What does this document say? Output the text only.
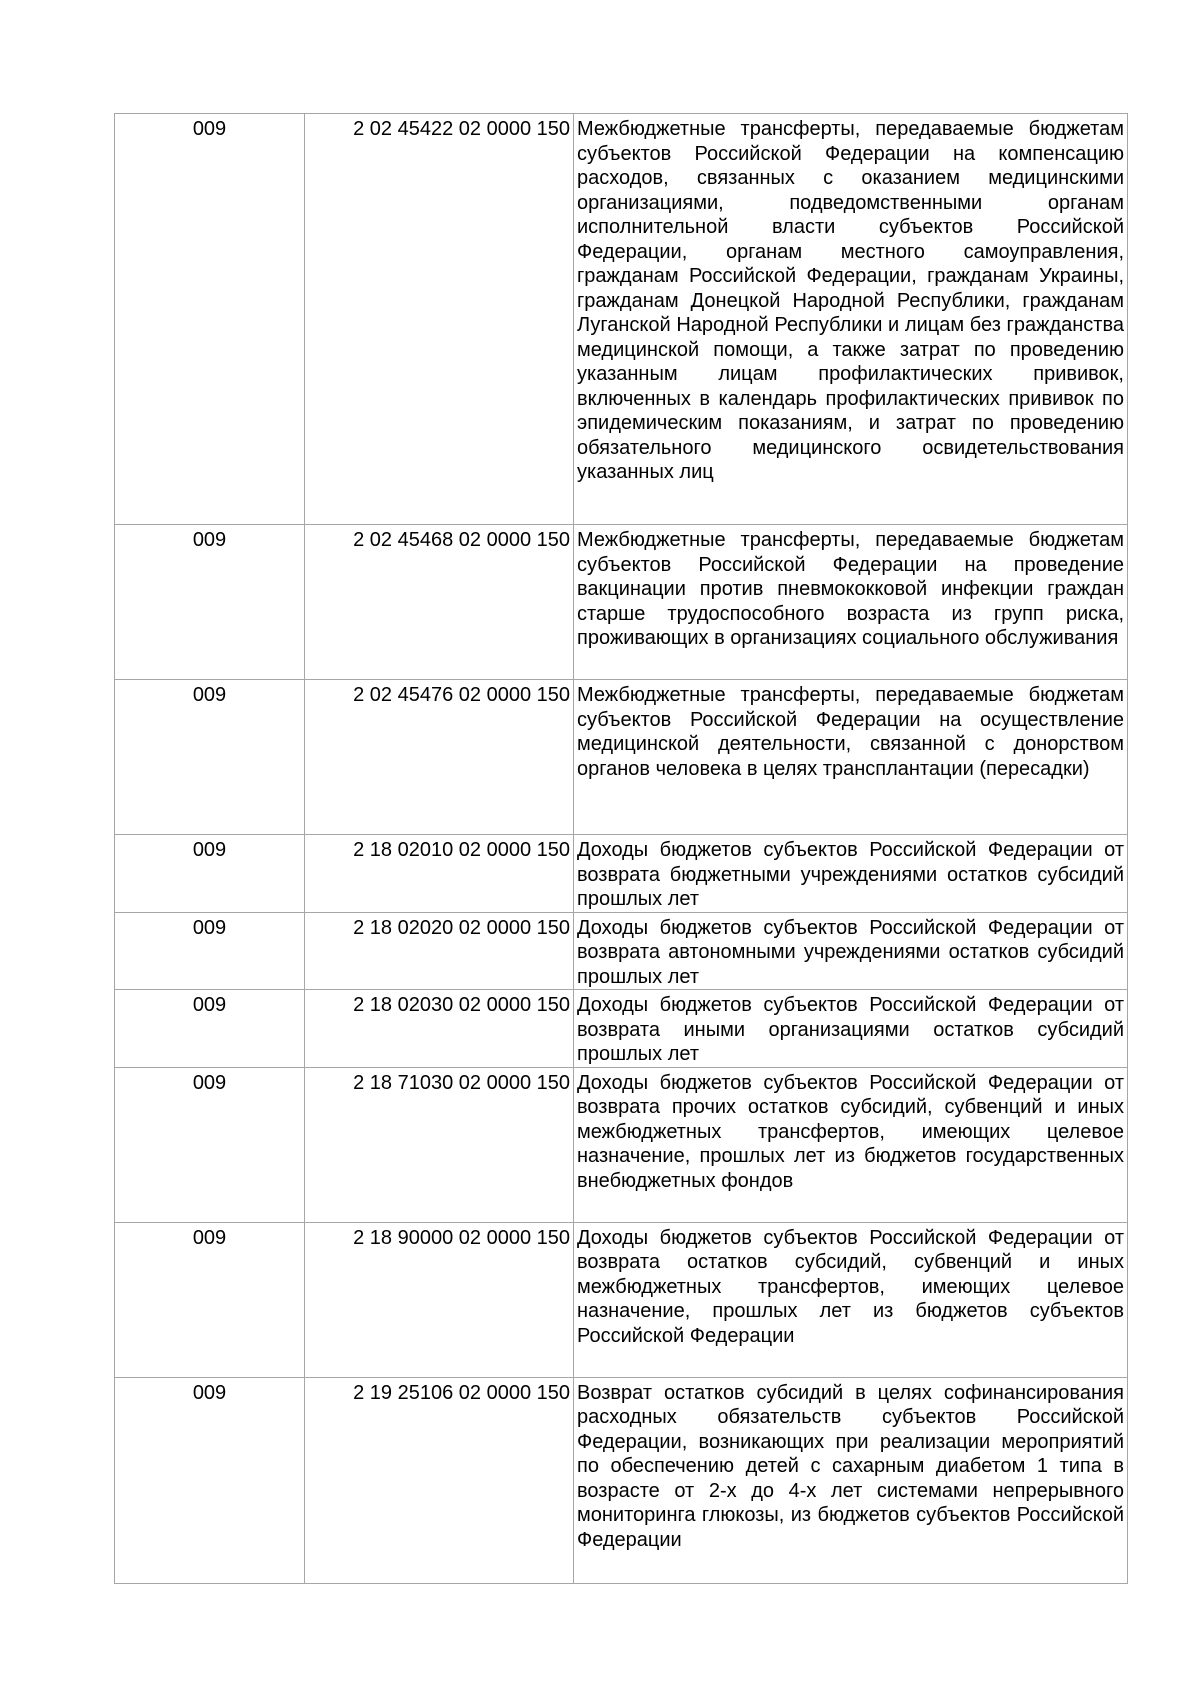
009	2 02 45422 02 0000 150	Межбюджетные трансферты, передаваемые бюджетам субъектов Российской Федерации на компенсацию расходов, связанных с оказанием медицинскими организациями, подведомственными органам исполнительной власти субъектов Российской Федерации, органам местного самоуправления, гражданам Российской Федерации, гражданам Украины, гражданам Донецкой Народной Республики, гражданам Луганской Народной Республики и лицам без гражданства медицинской помощи, а также затрат по проведению указанным лицам профилактических прививок, включенных в календарь профилактических прививок по эпидемическим показаниям, и затрат по проведению обязательного медицинского освидетельствования указанных лиц
009	2 02 45468 02 0000 150	Межбюджетные трансферты, передаваемые бюджетам субъектов Российской Федерации на проведение вакцинации против пневмококковой инфекции граждан старше трудоспособного возраста из групп риска, проживающих в организациях социального обслуживания
009	2 02 45476 02 0000 150	Межбюджетные трансферты, передаваемые бюджетам субъектов Российской Федерации на осуществление медицинской деятельности, связанной с донорством органов человека в целях трансплантации (пересадки)
009	2 18 02010 02 0000 150	Доходы бюджетов субъектов Российской Федерации от возврата бюджетными учреждениями остатков субсидий прошлых лет
009	2 18 02020 02 0000 150	Доходы бюджетов субъектов Российской Федерации от возврата автономными учреждениями остатков субсидий прошлых лет
009	2 18 02030 02 0000 150	Доходы бюджетов субъектов Российской Федерации от возврата иными организациями остатков субсидий прошлых лет
009	2 18 71030 02 0000 150	Доходы бюджетов субъектов Российской Федерации от возврата прочих остатков субсидий, субвенций и иных межбюджетных трансфертов, имеющих целевое назначение, прошлых лет из бюджетов государственных внебюджетных фондов
009	2 18 90000 02 0000 150	Доходы бюджетов субъектов Российской Федерации от возврата остатков субсидий, субвенций и иных межбюджетных трансфертов, имеющих целевое назначение, прошлых лет из бюджетов субъектов Российской Федерации
009	2 19 25106 02 0000 150	Возврат остатков субсидий в целях софинансирования расходных обязательств субъектов Российской Федерации, возникающих при реализации мероприятий по обеспечению детей с сахарным диабетом 1 типа в возрасте от 2-х до 4-х лет системами непрерывного мониторинга глюкозы, из бюджетов субъектов Российской Федерации
